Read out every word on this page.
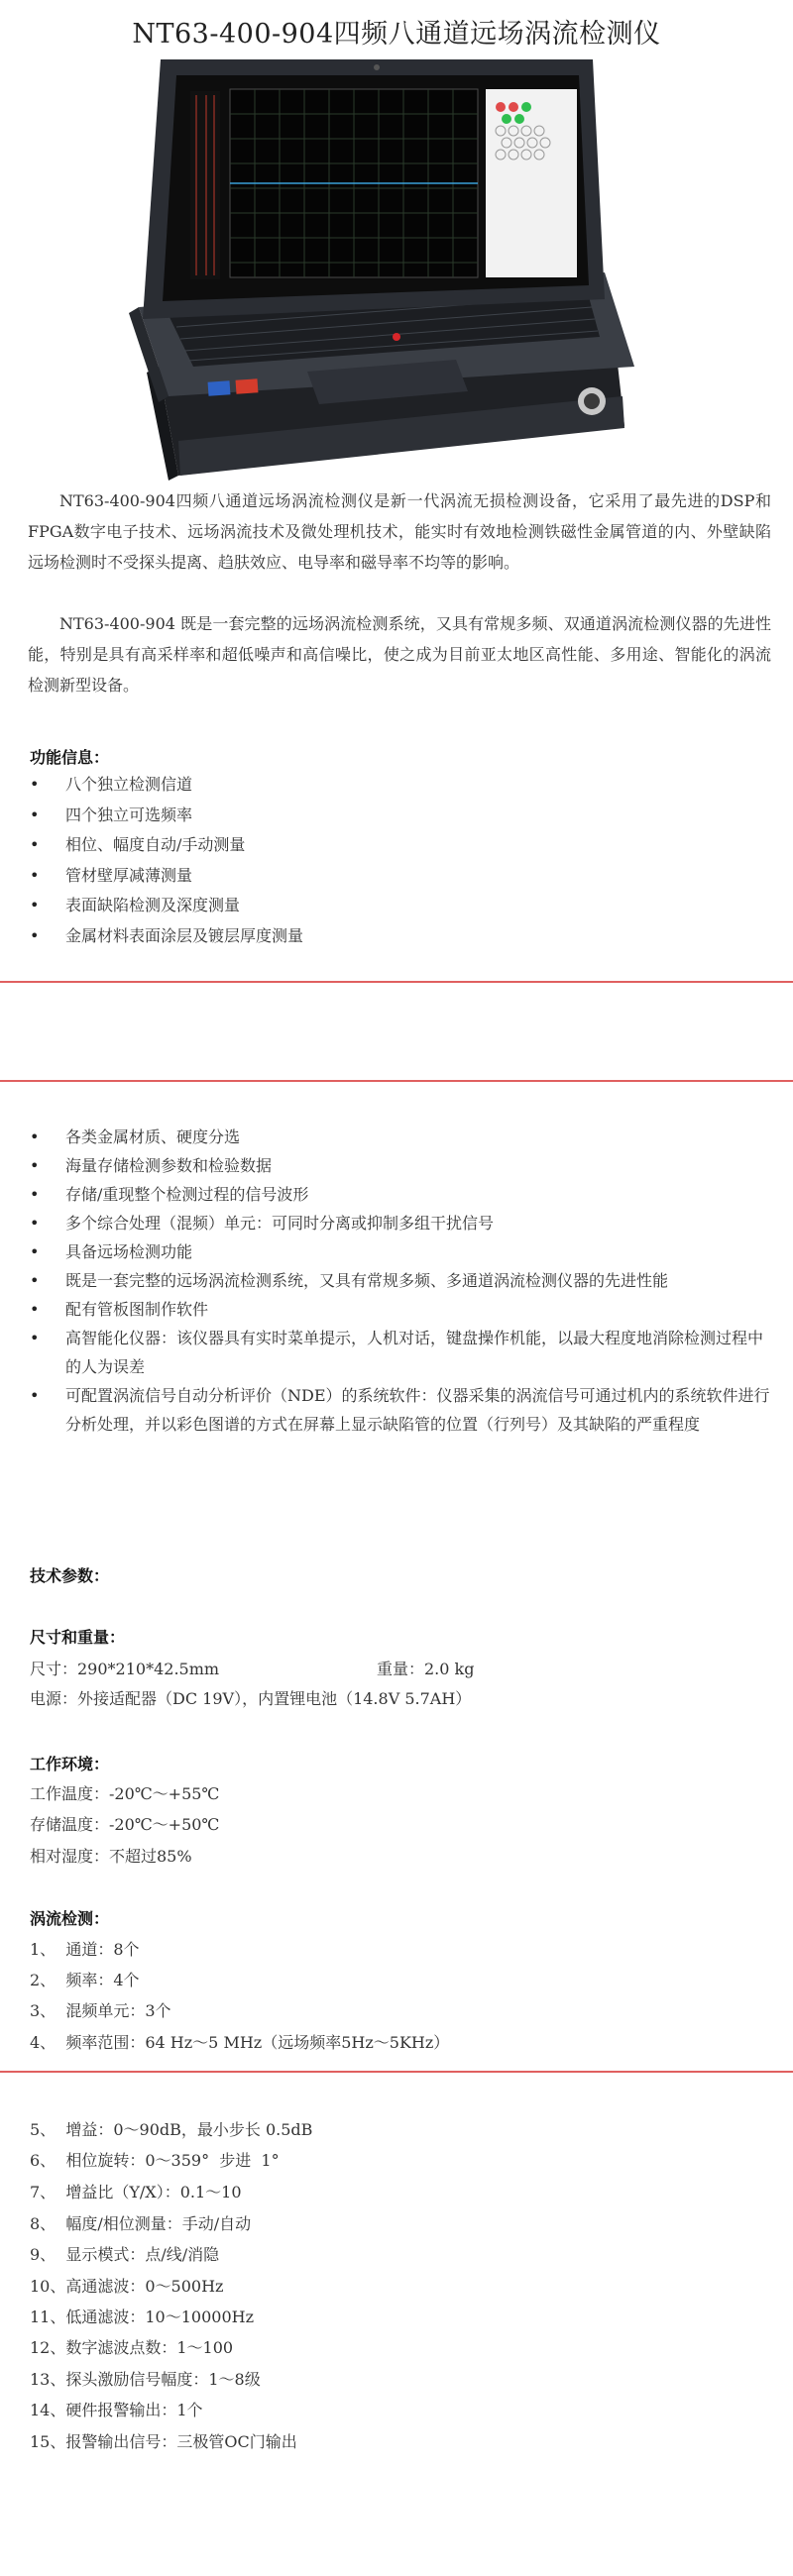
NT63-400-904四频八通道远场涡流检测仪

NT63-400-904四频八通道远场涡流检测仪是新一代涡流无损检测设备，它采用了最先进的DSP和FPGA数字电子技术、远场涡流技术及微处理机技术，能实时有效地检测铁磁性金属管道的内、外壁缺陷远场检测时不受探头提离、趋肤效应、电导率和磁导率不均等的影响。

NT63-400-904 既是一套完整的远场涡流检测系统，又具有常规多频、双通道涡流检测仪器的先进性能，特别是具有高采样率和超低噪声和高信噪比，使之成为目前亚太地区高性能、多用途、智能化的涡流检测新型设备。

功能信息：
• 八个独立检测信道
• 四个独立可选频率
• 相位、幅度自动/手动测量
• 管材壁厚减薄测量
• 表面缺陷检测及深度测量
• 金属材料表面涂层及镀层厚度测量
• 各类金属材质、硬度分选
• 海量存储检测参数和检验数据
• 存储/重现整个检测过程的信号波形
• 多个综合处理（混频）单元：可同时分离或抑制多组干扰信号
• 具备远场检测功能
• 既是一套完整的远场涡流检测系统，又具有常规多频、多通道涡流检测仪器的先进性能
• 配有管板图制作软件
• 高智能化仪器：该仪器具有实时菜单提示，人机对话，键盘操作机能，以最大程度地消除检测过程中的人为误差
• 可配置涡流信号自动分析评价（NDE）的系统软件：仪器采集的涡流信号可通过机内的系统软件进行分析处理，并以彩色图谱的方式在屏幕上显示缺陷管的位置（行列号）及其缺陷的严重程度
技术参数：
尺寸和重量：
尺寸：290*210*42.5mm	重量：2.0 kg
电源：外接适配器（DC 19V），内置锂电池（14.8V 5.7AH）
工作环境：
工作温度：-20℃～+55℃
存储温度：-20℃～+50℃
相对湿度：不超过85%
涡流检测：
1、  通道：8个
2、  频率：4个
3、  混频单元：3个
4、  频率范围：64 Hz～5 MHz（远场频率5Hz～5KHz）
5、  增益：0～90dB，最小步长 0.5dB
6、  相位旋转：0～359°  步进  1°
7、  增益比（Y/X）：0.1～10
8、  幅度/相位测量：手动/自动
9、  显示模式：点/线/消隐
10、高通滤波：0～500Hz
11、低通滤波：10～10000Hz
12、数字滤波点数：1～100
13、探头激励信号幅度：1～8级
14、硬件报警输出：1个
15、报警输出信号：三极管OC门输出
